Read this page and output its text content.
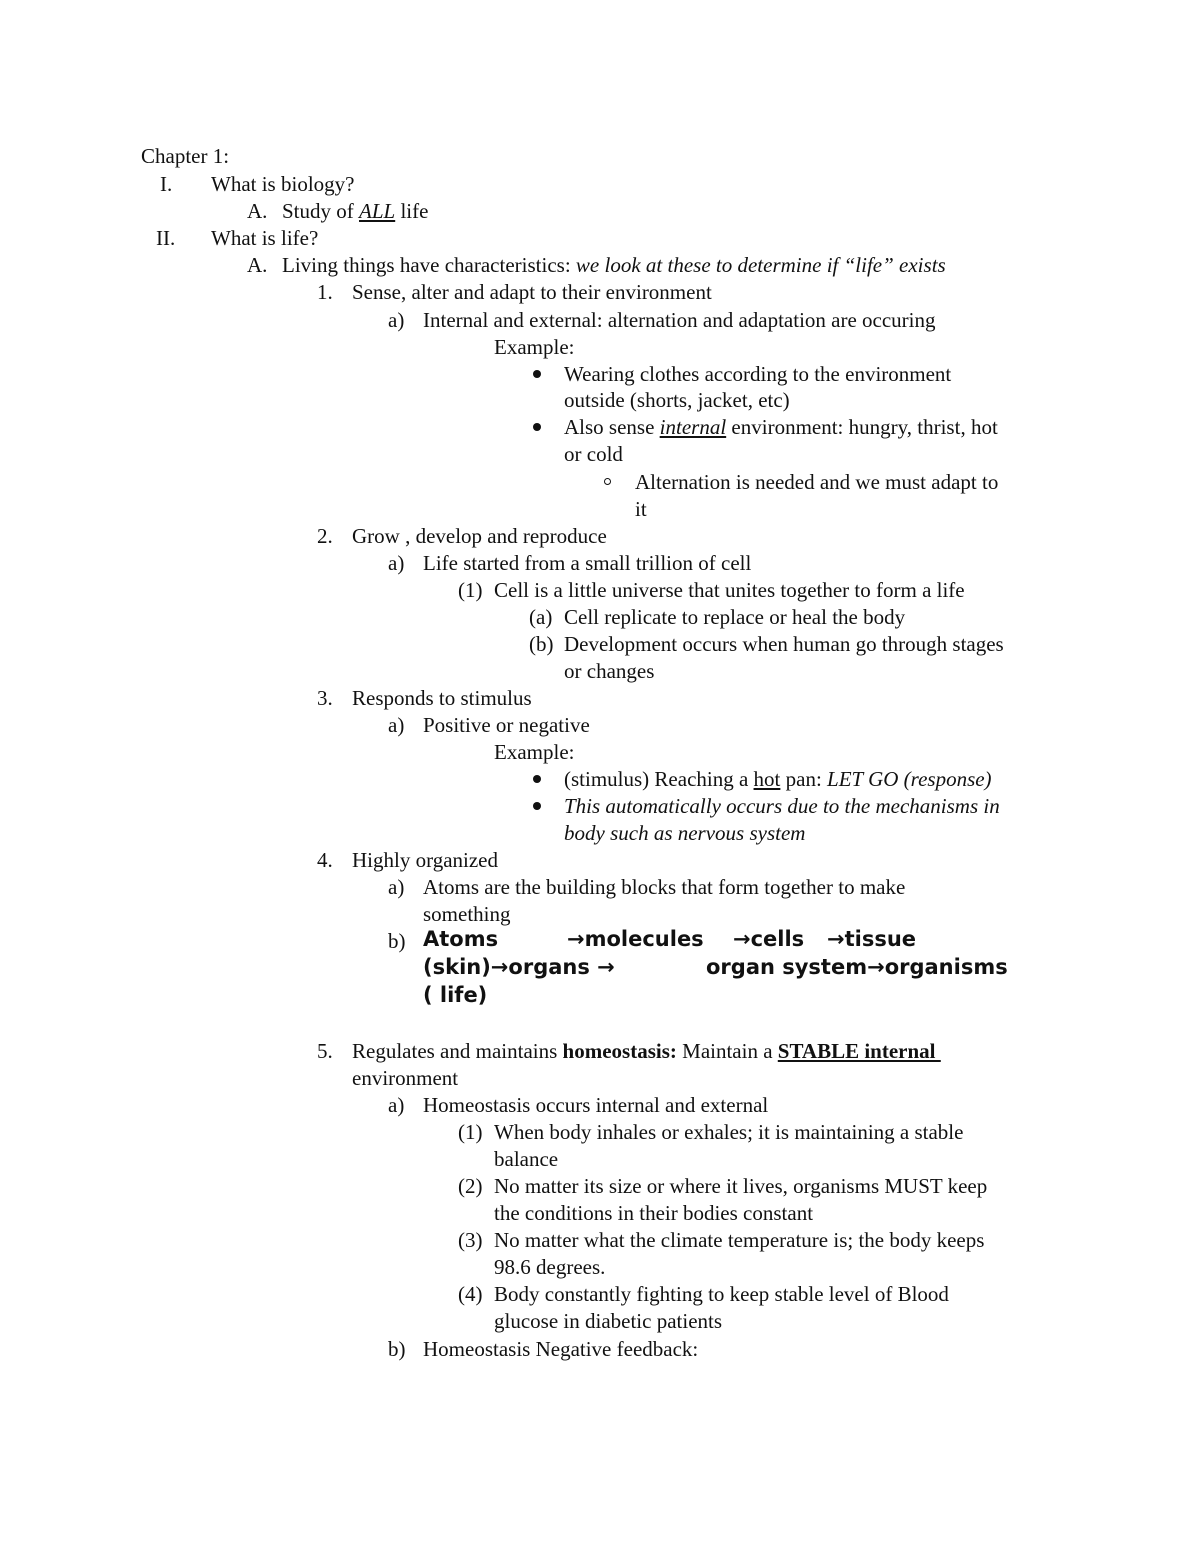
Chapter 1:
I. What is biology?
A. Study of ALL life
II. What is life?
A. Living things have characteristics: we look at these to determine if “life” exists
1. Sense, alter and adapt to their environment
a) Internal and external: alternation and adaptation are occuring
Example:
Wearing clothes according to the environment
outside (shorts, jacket, etc)
Also sense internal environment: hungry, thrist, hot
or cold
Alternation is needed and we must adapt to
it
2. Grow , develop and reproduce
a) Life started from a small trillion of cell
(1) Cell is a little universe that unites together to form a life
(a) Cell replicate to replace or heal the body
(b) Development occurs when human go through stages
or changes
3. Responds to stimulus
a) Positive or negative
Example:
(stimulus) Reaching a hot pan: LET GO (response)
This automatically occurs due to the mechanisms in
body such as nervous system
4. Highly organized
a) Atoms are the building blocks that form together to make
something
b) Atoms	→molecules →cells →tissue
(skin)→organs →	organ system→organisms
( life)
5. Regulates and maintains homeostasis: Maintain a STABLE internal
environment
a) Homeostasis occurs internal and external
(1) When body inhales or exhales; it is maintaining a stable
balance
(2) No matter its size or where it lives, organisms MUST keep
the conditions in their bodies constant
(3) No matter what the climate temperature is; the body keeps
98.6 degrees.
(4) Body constantly fighting to keep stable level of Blood
glucose in diabetic patients
b) Homeostasis Negative feedback:
